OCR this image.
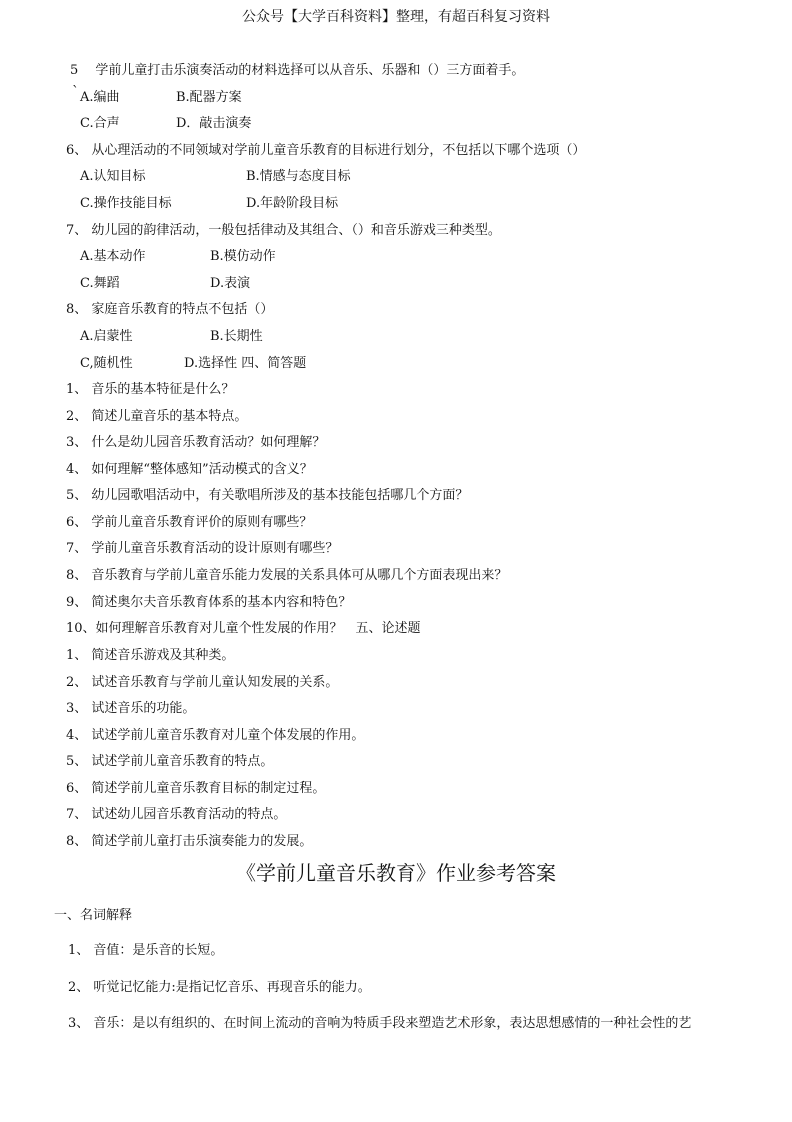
公众号【大学百科资料】整理，有超百科复习资料
5　 学前儿童打击乐演奏活动的材料选择可以从音乐、乐器和（）三方面着手。
` A.编曲	B.配器方案
C.合声	D．敲击演奏
6、 从心理活动的不同领域对学前儿童音乐教育的目标进行划分，不包括以下哪个选项（）
A.认知目标	B.情感与态度目标
C.操作技能目标	D.年龄阶段目标
7、 幼儿园的韵律活动，一般包括律动及其组合、（）和音乐游戏三种类型。
A.基本动作	B.模仿动作
C.舞蹈	D.表演
8、 家庭音乐教育的特点不包括（）
A.启蒙性	B.长期性
C,随机性	D.选择性 四、简答题
1、 音乐的基本特征是什么？
2、 简述儿童音乐的基本特点。
3、 什么是幼儿园音乐教育活动？如何理解？
4、 如何理解“整体感知”活动模式的含义？
5、 幼儿园歌唱活动中，有关歌唱所涉及的基本技能包括哪几个方面？
6、 学前儿童音乐教育评价的原则有哪些？
7、 学前儿童音乐教育活动的设计原则有哪些？
8、 音乐教育与学前儿童音乐能力发展的关系具体可从哪几个方面表现出来？
9、 简述奥尔夫音乐教育体系的基本内容和特色？
10、如何理解音乐教育对儿童个性发展的作用？　五、论述题
1、 简述音乐游戏及其种类。
2、 试述音乐教育与学前儿童认知发展的关系。
3、 试述音乐的功能。
4、 试述学前儿童音乐教育对儿童个体发展的作用。
5、 试述学前儿童音乐教育的特点。
6、 简述学前儿童音乐教育目标的制定过程。
7、 试述幼儿园音乐教育活动的特点。
8、 简述学前儿童打击乐演奏能力的发展。
《学前儿童音乐教育》作业参考答案
一、名词解释
1、 音值：是乐音的长短。
2、 听觉记忆能力:是指记忆音乐、再现音乐的能力。
3、 音乐：是以有组织的、在时间上流动的音响为特质手段来塑造艺术形象，表达思想感情的一种社会性的艺
